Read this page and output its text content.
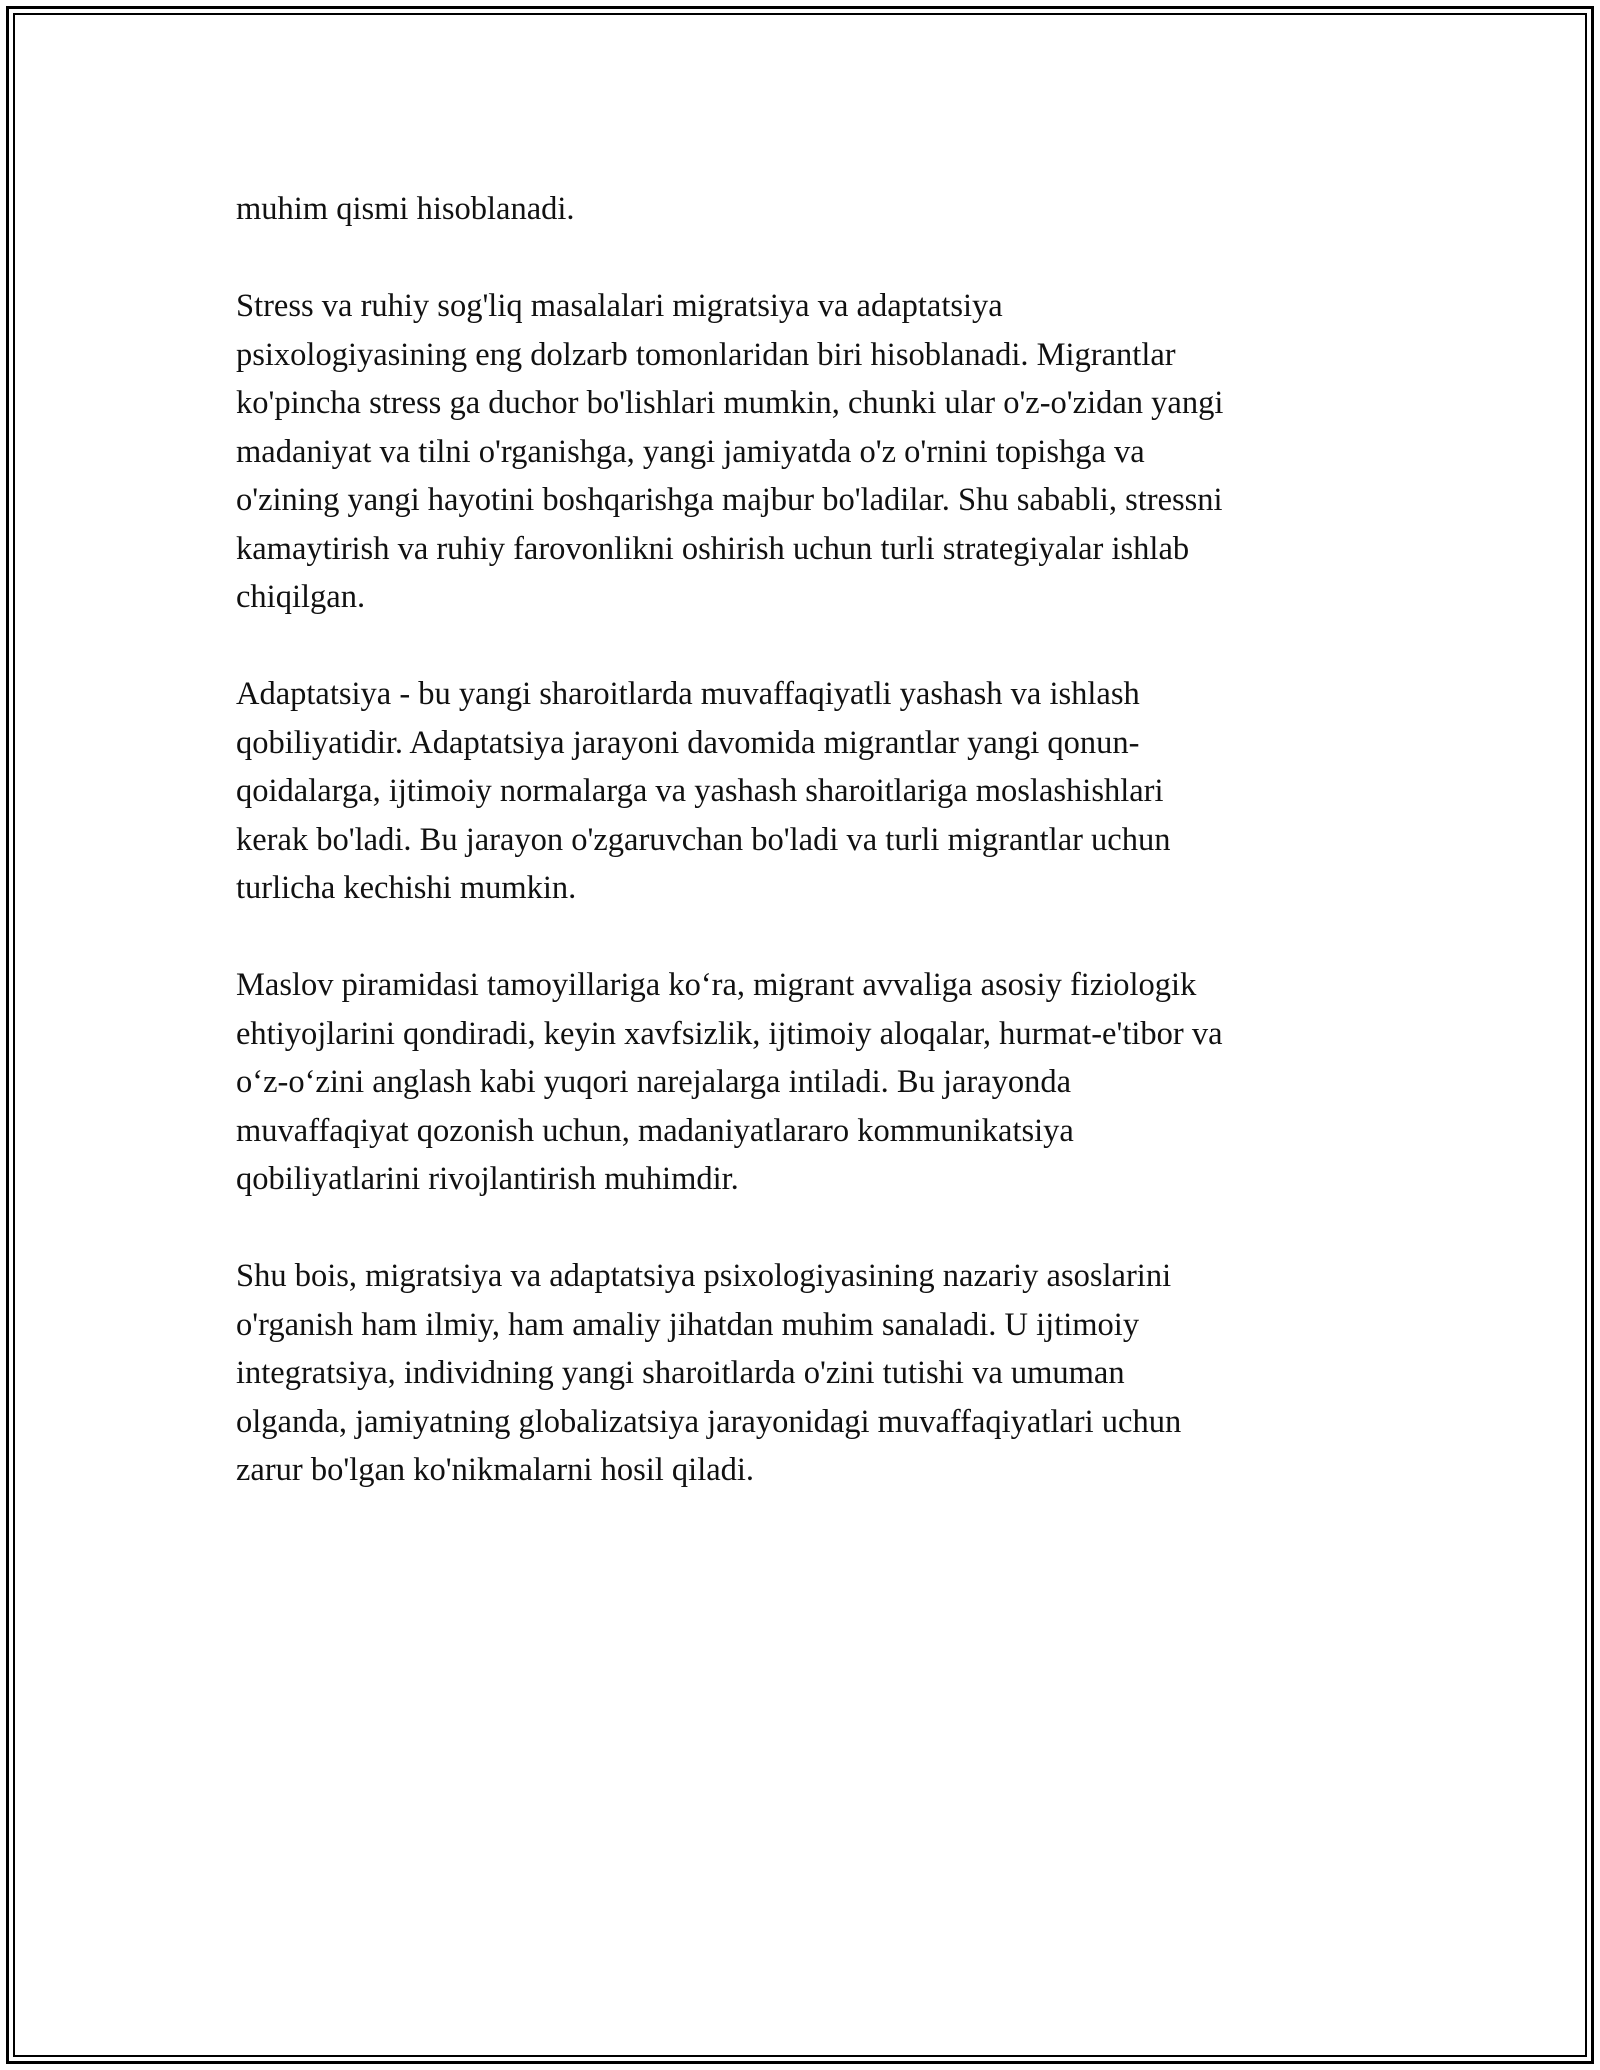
muhim qismi hisoblanadi.

Stress va ruhiy sog'liq masalalari migratsiya va adaptatsiya
psixologiyasining eng dolzarb tomonlaridan biri hisoblanadi. Migrantlar
ko'pincha stress ga duchor bo'lishlari mumkin, chunki ular o'z-o'zidan yangi
madaniyat va tilni o'rganishga, yangi jamiyatda o'z o'rnini topishga va
o'zining yangi hayotini boshqarishga majbur bo'ladilar. Shu sababli, stressni
kamaytirish va ruhiy farovonlikni oshirish uchun turli strategiyalar ishlab
chiqilgan.

Adaptatsiya - bu yangi sharoitlarda muvaffaqiyatli yashash va ishlash
qobiliyatidir. Adaptatsiya jarayoni davomida migrantlar yangi qonun-
qoidalarga, ijtimoiy normalarga va yashash sharoitlariga moslashishlari
kerak bo'ladi. Bu jarayon o'zgaruvchan bo'ladi va turli migrantlar uchun
turlicha kechishi mumkin.

Maslov piramidasi tamoyillariga ko‘ra, migrant avvaliga asosiy fiziologik
ehtiyojlarini qondiradi, keyin xavfsizlik, ijtimoiy aloqalar, hurmat-e'tibor va
o‘z-o‘zini anglash kabi yuqori narejalarga intiladi. Bu jarayonda
muvaffaqiyat qozonish uchun, madaniyatlararo kommunikatsiya
qobiliyatlarini rivojlantirish muhimdir.

Shu bois, migratsiya va adaptatsiya psixologiyasining nazariy asoslarini
o'rganish ham ilmiy, ham amaliy jihatdan muhim sanaladi. U ijtimoiy
integratsiya, individning yangi sharoitlarda o'zini tutishi va umuman
olganda, jamiyatning globalizatsiya jarayonidagi muvaffaqiyatlari uchun
zarur bo'lgan ko'nikmalarni hosil qiladi.
